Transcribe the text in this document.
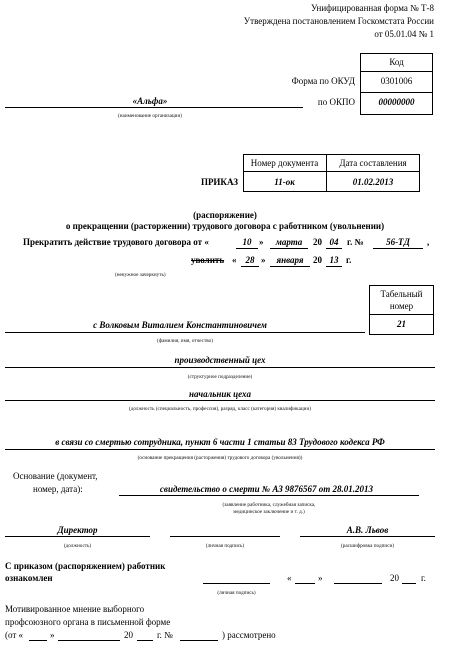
Унифицированная форма № Т-8
Утверждена постановлением Госкомстата России
от 05.01.04 № 1
Код
Форма по ОКУД	0301006
по ОКПО	00000000
«Альфа»
(наименование организации)
Номер документа	Дата составления
ПРИКАЗ	11-ок	01.02.2013
(распоряжение)
о прекращении (расторжении) трудового договора с работником (увольнении)
Прекратить действие трудового договора от «	10 »	марта	20 04 г. №	56-ТД	,
уволить «	28 »	января	20 13 г.
(ненужное зачеркнуть)
Табельный
номер
21
с Волковым Виталием Константиновичем
(фамилия, имя, отчество)
производственный цех
(структурное подразделение)
начальник цеха
(должность (специальность, профессия), разряд, класс (категория) квалификации)
в связи со смертью сотрудника, пункт 6 части 1 статьи 83 Трудового кодекса РФ
(основание прекращения (расторжения) трудового договора (увольнения))
Основание (документ,
номер, дата):	свидетельство о смерти № АЗ 9876567 от 28.01.2013
(заявление работника, служебная записка,
медицинское заключение и т. д.)
Директор	А.В. Львов
(должность)	(личная подпись)	(расшифровка подписи)
С приказом (распоряжением) работник
ознакомлен	«	»	20 г.
(личная подпись)
Мотивированное мнение выборного
профсоюзного органа в письменной форме
(от «	»	20	г. №	) рассмотрено
